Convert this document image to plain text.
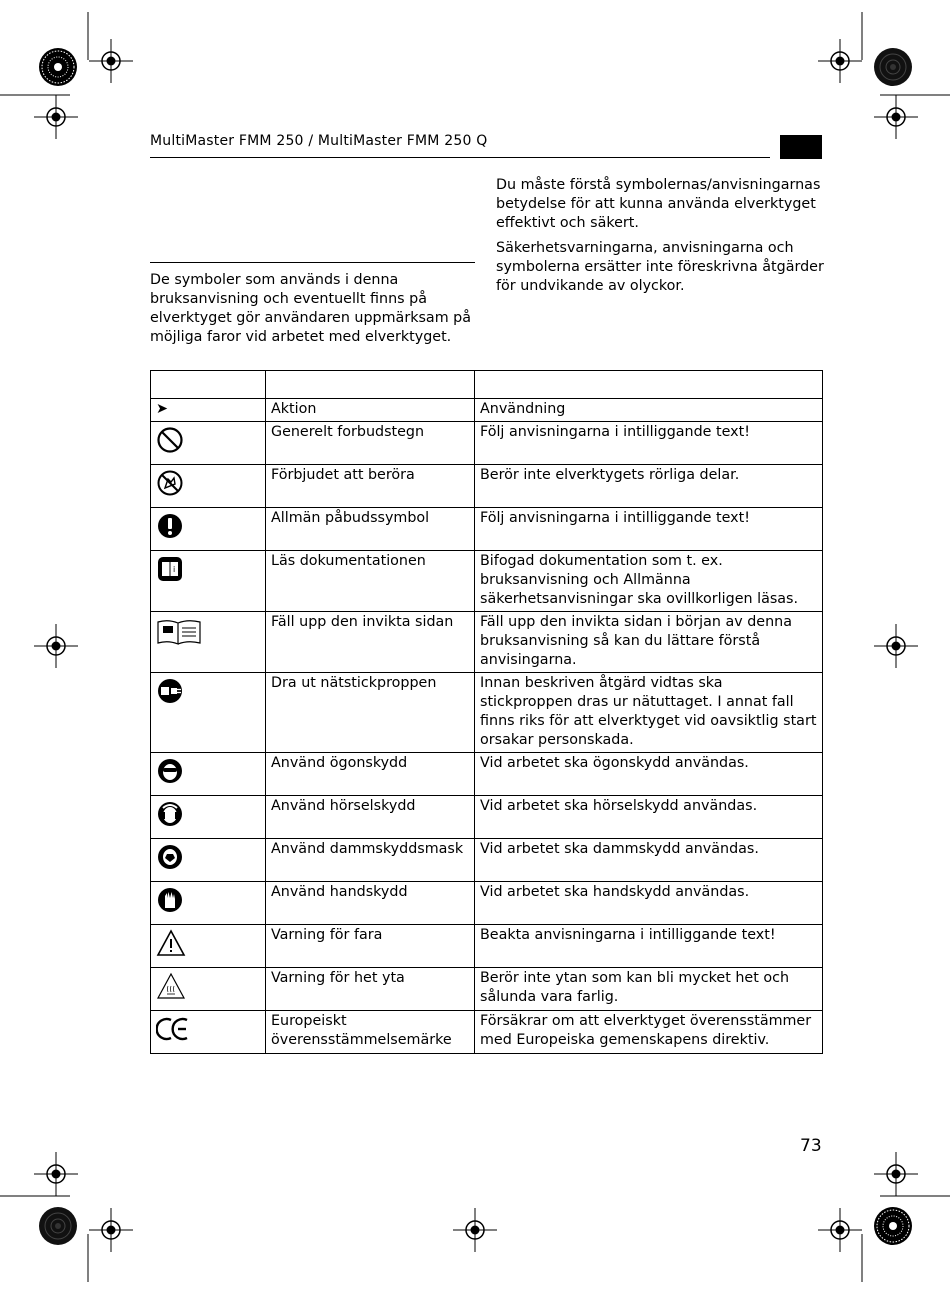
MultiMaster FMM 250 / MultiMaster FMM 250 Q

De symboler som används i denna bruksanvisning och eventuellt finns på elverktyget gör användaren uppmärksam på möjliga faror vid arbetet med elverktyget.

Du måste förstå symbolernas/anvisningarnas betydelse för att kunna använda elverktyget effektivt och säkert.

Säkerhetsvarningarna, anvisningarna och symbolerna ersätter inte föreskrivna åtgärder för undvikande av olyckor.

➤	Aktion	Användning
	Generelt forbudstegn	Följ anvisningarna i intilliggande text!
	Förbjudet att beröra	Berör inte elverktygets rörliga delar.
	Allmän påbudssymbol	Följ anvisningarna i intilliggande text!

i	Läs dokumentationen	Bifogad dokumentation som t. ex. bruksanvisning och Allmänna säkerhetsanvisningar ska ovillkorligen läsas.
	Fäll upp den invikta sidan	Fäll upp den invikta sidan i början av denna bruksanvisning så kan du lättare förstå anvisingarna.
	Dra ut nätstickproppen	Innan beskriven åtgärd vidtas ska stickproppen dras ur nätuttaget. I annat fall finns riks för att elverktyget vid oavsiktlig start orsakar personskada.
	Använd ögonskydd	Vid arbetet ska ögonskydd användas.
	Använd hörselskydd	Vid arbetet ska hörselskydd användas.
	Använd dammskyddsmask	Vid arbetet ska dammskydd användas.
	Använd handskydd	Vid arbetet ska handskydd användas.
	Varning för fara	Beakta anvisningarna i intilliggande text!
	Varning för het yta	Berör inte ytan som kan bli mycket het och sålunda vara farlig.
	Europeiskt överensstämmelsemärke	Försäkrar om att elverktyget överensstämmer med Europeiska gemenskapens direktiv.
73
